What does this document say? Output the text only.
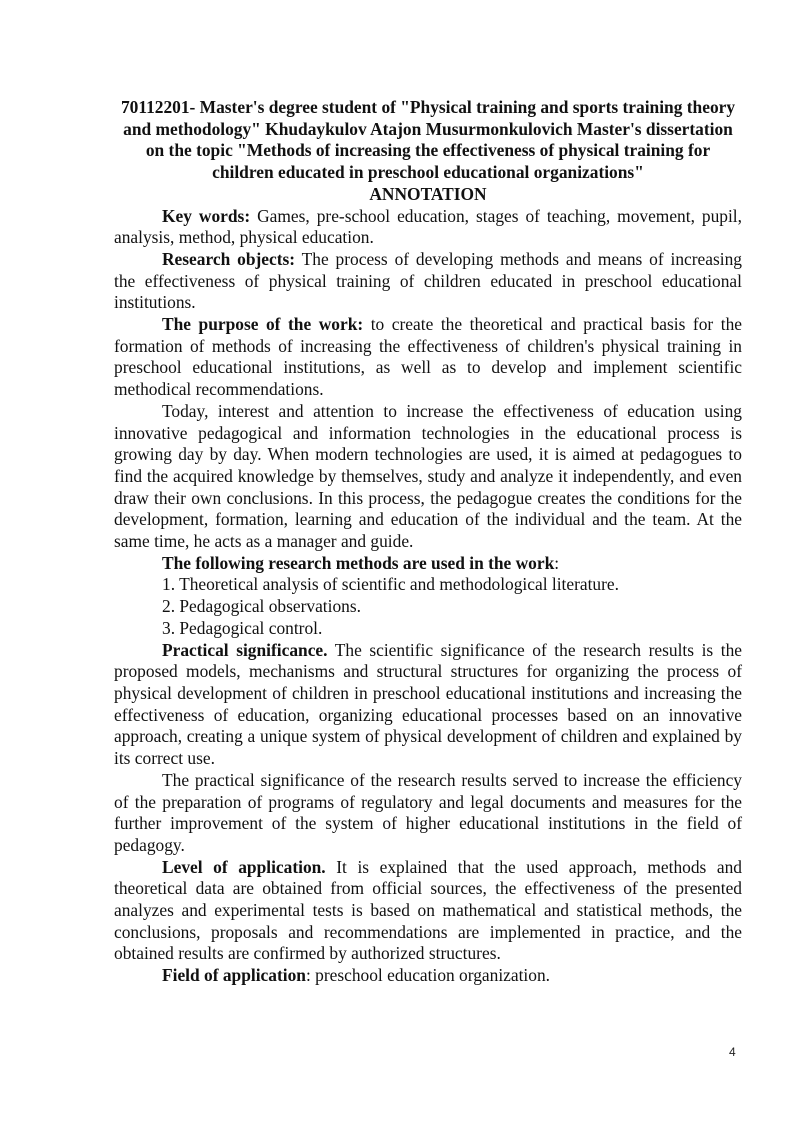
70112201- Master's degree student of "Physical training and sports training theory and methodology" Khudaykulov Atajon Musurmonkulovich Master's dissertation on the topic "Methods of increasing the effectiveness of physical training for children educated in preschool educational organizations"
ANNOTATION

Key words: Games, pre-school education, stages of teaching, movement, pupil, analysis, method, physical education.

Research objects: The process of developing methods and means of increasing the effectiveness of physical training of children educated in preschool educational institutions.

The purpose of the work: to create the theoretical and practical basis for the formation of methods of increasing the effectiveness of children's physical training in preschool educational institutions, as well as to develop and implement scientific methodical recommendations.

Today, interest and attention to increase the effectiveness of education using innovative pedagogical and information technologies in the educational process is growing day by day. When modern technologies are used, it is aimed at pedagogues to find the acquired knowledge by themselves, study and analyze it independently, and even draw their own conclusions. In this process, the pedagogue creates the conditions for the development, formation, learning and education of the individual and the team. At the same time, he acts as a manager and guide.

The following research methods are used in the work:

1. Theoretical analysis of scientific and methodological literature.

2. Pedagogical observations.

3. Pedagogical control.

Practical significance. The scientific significance of the research results is the proposed models, mechanisms and structural structures for organizing the process of physical development of children in preschool educational institutions and increasing the effectiveness of education, organizing educational processes based on an innovative approach, creating a unique system of physical development of children and explained by its correct use.

The practical significance of the research results served to increase the efficiency of the preparation of programs of regulatory and legal documents and measures for the further improvement of the system of higher educational institutions in the field of pedagogy.

Level of application. It is explained that the used approach, methods and theoretical data are obtained from official sources, the effectiveness of the presented analyzes and experimental tests is based on mathematical and statistical methods, the conclusions, proposals and recommendations are implemented in practice, and the obtained results are confirmed by authorized structures.

Field of application: preschool education organization.

4
